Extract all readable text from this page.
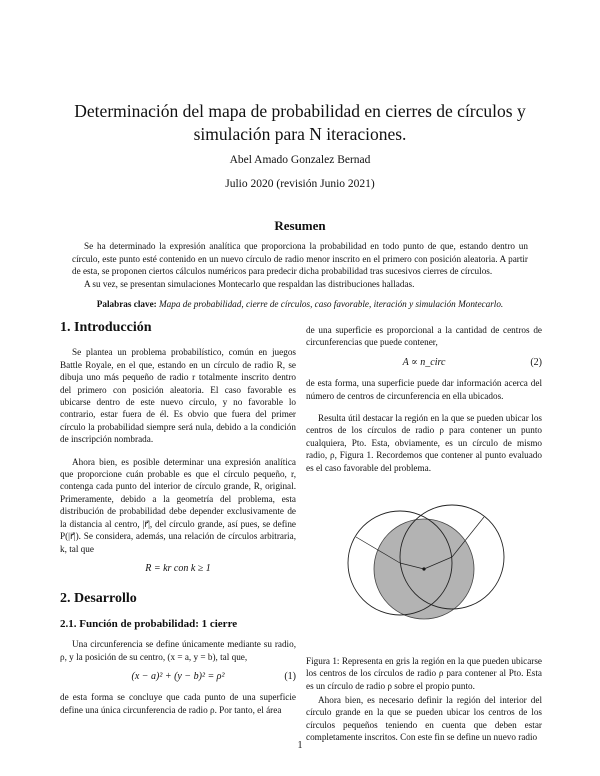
Determinación del mapa de probabilidad en cierres de círculos y simulación para N iteraciones.
Abel Amado Gonzalez Bernad
Julio 2020 (revisión Junio 2021)
Resumen

Se ha determinado la expresión analítica que proporciona la probabilidad en todo punto de que, estando dentro un círculo, este punto esté contenido en un nuevo círculo de radio menor inscrito en el primero con posición aleatoria. A partir de esta, se proponen ciertos cálculos numéricos para predecir dicha probabilidad tras sucesivos cierres de círculos.

A su vez, se presentan simulaciones Montecarlo que respaldan las distribuciones halladas.

Palabras clave: Mapa de probabilidad, cierre de círculos, caso favorable, iteración y simulación Montecarlo.
1. Introducción

Se plantea un problema probabilístico, común en juegos Battle Royale, en el que, estando en un círculo de radio R, se dibuja uno más pequeño de radio r totalmente inscrito dentro del primero con posición aleatoria. El caso favorable es ubicarse dentro de este nuevo círculo, y no favorable lo contrario, estar fuera de él. Es obvio que fuera del primer círculo la probabilidad siempre será nula, debido a la condición de inscripción nombrada.

Ahora bien, es posible determinar una expresión analítica que proporcione cuán probable es que el círculo pequeño, r, contenga cada punto del interior de círculo grande, R, original. Primeramente, debido a la geometría del problema, esta distribución de probabilidad debe depender exclusivamente de la distancia al centro, |r⃗|, del círculo grande, así pues, se define P(|r⃗|). Se considera, además, una relación de círculos arbitraria, k, tal que

R = kr con k ≥ 1
2. Desarrollo
2.1. Función de probabilidad: 1 cierre

Una circunferencia se define únicamente mediante su radio, ρ, y la posición de su centro, (x = a, y = b), tal que,

(x − a)² + (y − b)² = ρ²	(1)

de esta forma se concluye que cada punto de una superficie define una única circunferencia de radio ρ. Por tanto, el área

de una superficie es proporcional a la cantidad de centros de circunferencias que puede contener,

A ∝ n_circ	(2)

de esta forma, una superficie puede dar información acerca del número de centros de circunferencia en ella ubicados.

Resulta útil destacar la región en la que se pueden ubicar los centros de los círculos de radio ρ para contener un punto cualquiera, Pto. Esta, obviamente, es un círculo de mismo radio, ρ, Figura 1. Recordemos que contener al punto evaluado es el caso favorable del problema.

Figura 1: Representa en gris la región en la que pueden ubicarse los centros de los círculos de radio ρ para contener al Pto. Esta es un círculo de radio ρ sobre el propio punto.

Ahora bien, es necesario definir la región del interior del círculo grande en la que se pueden ubicar los centros de los círculos pequeños teniendo en cuenta que deben estar completamente inscritos. Con este fin se define un nuevo radio

1
